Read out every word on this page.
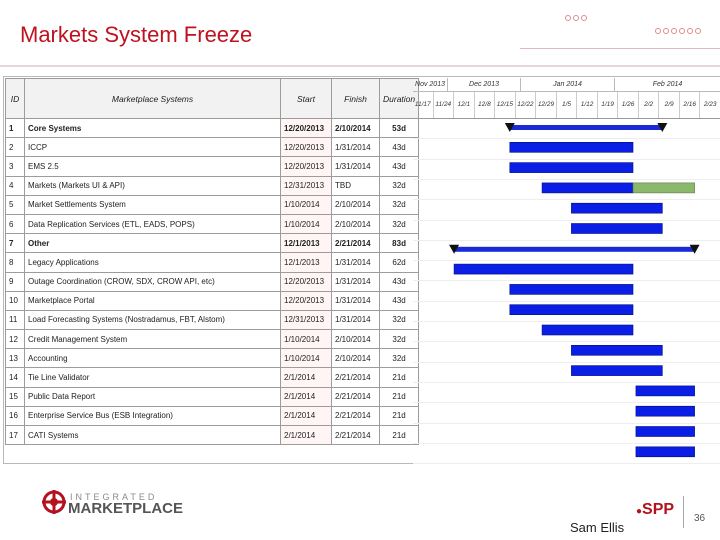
Markets System Freeze
ID	Marketplace Systems	Start	Finish	Duration
1	Core Systems	12/20/2013	2/10/2014	53d
2	ICCP	12/20/2013	1/31/2014	43d
3	EMS 2.5	12/20/2013	1/31/2014	43d
4	Markets (Markets UI & API)	12/31/2013	TBD	32d
5	Market Settlements System	1/10/2014	2/10/2014	32d
6	Data Replication Services (ETL, EADS, POPS)	1/10/2014	2/10/2014	32d
7	Other	12/1/2013	2/21/2014	83d
8	Legacy Applications	12/1/2013	1/31/2014	62d
9	Outage Coordination (CROW, SDX, CROW API, etc)	12/20/2013	1/31/2014	43d
10	Marketplace Portal	12/20/2013	1/31/2014	43d
11	Load Forecasting Systems (Nostradamus, FBT, Alstom)	12/31/2013	1/31/2014	32d
12	Credit Management System	1/10/2014	2/10/2014	32d
13	Accounting	1/10/2014	2/10/2014	32d
14	Tie Line Validator	2/1/2014	2/21/2014	21d
15	Public Data Report	2/1/2014	2/21/2014	21d
16	Enterprise Service Bus (ESB Integration)	2/1/2014	2/21/2014	21d
17	CATI Systems	2/1/2014	2/21/2014	21d
Nov 2013	Dec 2013	Jan 2014	Feb 2014
11/17 11/24 12/1	12/8 12/15 12/22 12/29	1/5	1/12	1/19	1/26	2/2	2/9	2/16	2/23
INTEGRATED
MARKETPLACE
Sam Ellis
●SPP
36
